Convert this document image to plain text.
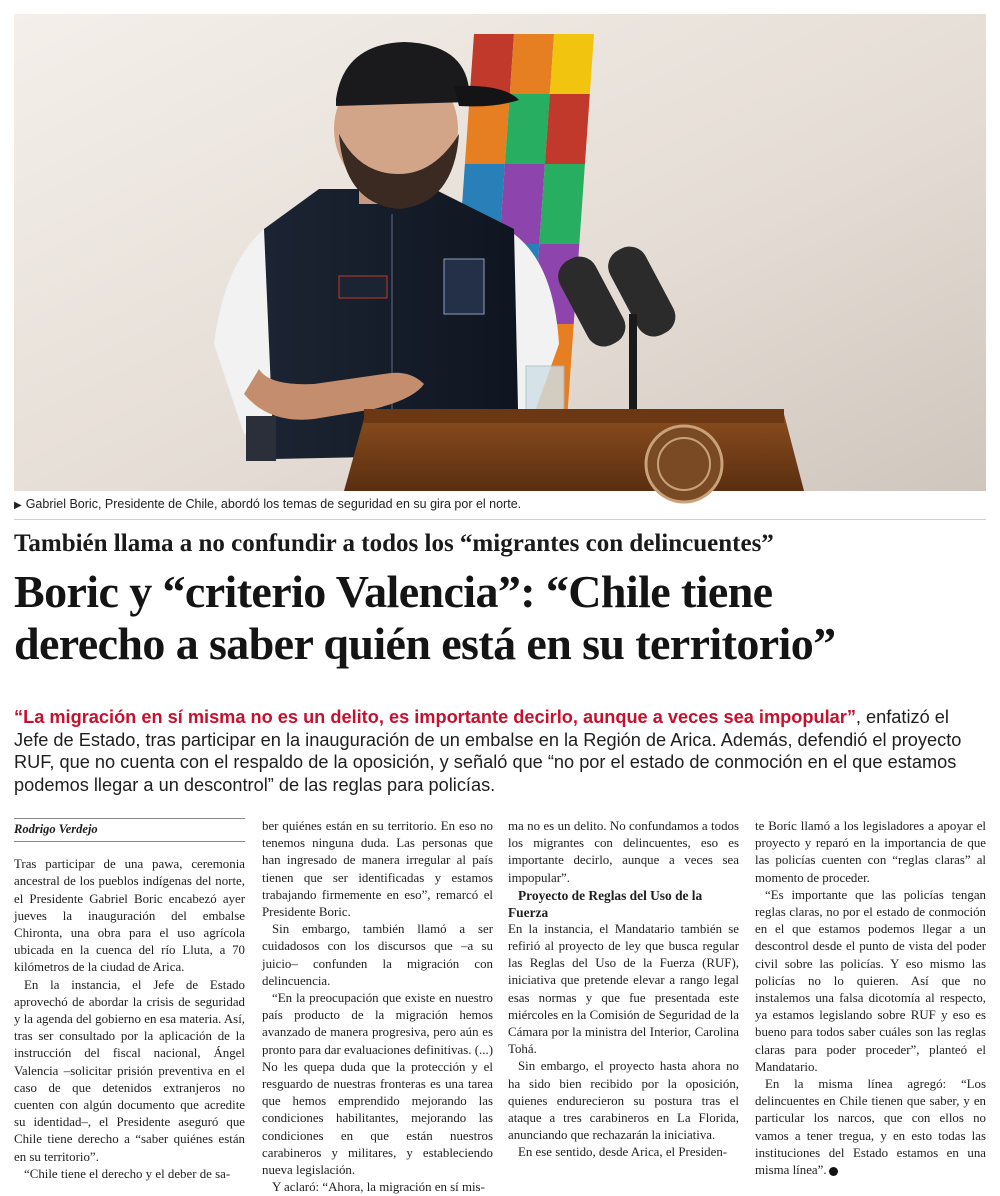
▶ Gabriel Boric, Presidente de Chile, abordó los temas de seguridad en su gira por el norte.
También llama a no confundir a todos los “migrantes con delincuentes”
Boric y “criterio Valencia”: “Chile tiene
derecho a saber quién está en su territorio”
“La migración en sí misma no es un delito, es importante decirlo, aunque a veces sea impopular”, enfatizó el Jefe de Estado, tras participar en la inauguración de un embalse en la Región de Arica. Además, defendió el proyecto RUF, que no cuenta con el respaldo de la oposición, y señaló que “no por el estado de conmoción en el que estamos podemos llegar a un descontrol” de las reglas para policías.
Rodrigo Verdejo

Tras participar de una pawa, ceremonia ancestral de los pueblos indígenas del norte, el Presidente Gabriel Boric encabezó ayer jueves la inauguración del embalse Chironta, una obra para el uso agrícola ubicada en la cuenca del río Lluta, a 70 kilómetros de la ciudad de Arica.

En la instancia, el Jefe de Estado aprovechó de abordar la crisis de seguridad y la agenda del gobierno en esa materia. Así, tras ser consultado por la aplicación de la instrucción del fiscal nacional, Ángel Valencia –solicitar prisión preventiva en el caso de que detenidos extranjeros no cuenten con algún documento que acredite su identidad–, el Presidente aseguró que Chile tiene derecho a “saber quiénes están en su territorio”.

“Chile tiene el derecho y el deber de sa-

ber quiénes están en su territorio. En eso no tenemos ninguna duda. Las personas que han ingresado de manera irregular al país tienen que ser identificadas y estamos trabajando firmemente en eso”, remarcó el Presidente Boric.

Sin embargo, también llamó a ser cuidadosos con los discursos que –a su juicio– confunden la migración con delincuencia.

“En la preocupación que existe en nuestro país producto de la migración hemos avanzado de manera progresiva, pero aún es pronto para dar evaluaciones definitivas. (...) No les quepa duda que la protección y el resguardo de nuestras fronteras es una tarea que hemos emprendido mejorando las condiciones habilitantes, mejorando las condiciones en que están nuestros carabineros y militares, y estableciendo nueva legislación.

Y aclaró: “Ahora, la migración en sí mis-

ma no es un delito. No confundamos a todos los migrantes con delincuentes, eso es importante decirlo, aunque a veces sea impopular”.

Proyecto de Reglas del Uso de la Fuerza

En la instancia, el Mandatario también se refirió al proyecto de ley que busca regular las Reglas del Uso de la Fuerza (RUF), iniciativa que pretende elevar a rango legal esas normas y que fue presentada este miércoles en la Comisión de Seguridad de la Cámara por la ministra del Interior, Carolina Tohá.

Sin embargo, el proyecto hasta ahora no ha sido bien recibido por la oposición, quienes endurecieron su postura tras el ataque a tres carabineros en La Florida, anunciando que rechazarán la iniciativa.

En ese sentido, desde Arica, el Presiden-

te Boric llamó a los legisladores a apoyar el proyecto y reparó en la importancia de que las policías cuenten con “reglas claras” al momento de proceder.

“Es importante que las policías tengan reglas claras, no por el estado de conmoción en el que estamos podemos llegar a un descontrol desde el punto de vista del poder civil sobre las policías. Y eso mismo las policías no lo quieren. Así que no instalemos una falsa dicotomía al respecto, ya estamos legislando sobre RUF y eso es bueno para todos saber cuáles son las reglas claras para poder proceder”, planteó el Mandatario.

En la misma línea agregó: “Los delincuentes en Chile tienen que saber, y en particular los narcos, que con ellos no vamos a tener tregua, y en esto todas las instituciones del Estado estamos en una misma línea”.
